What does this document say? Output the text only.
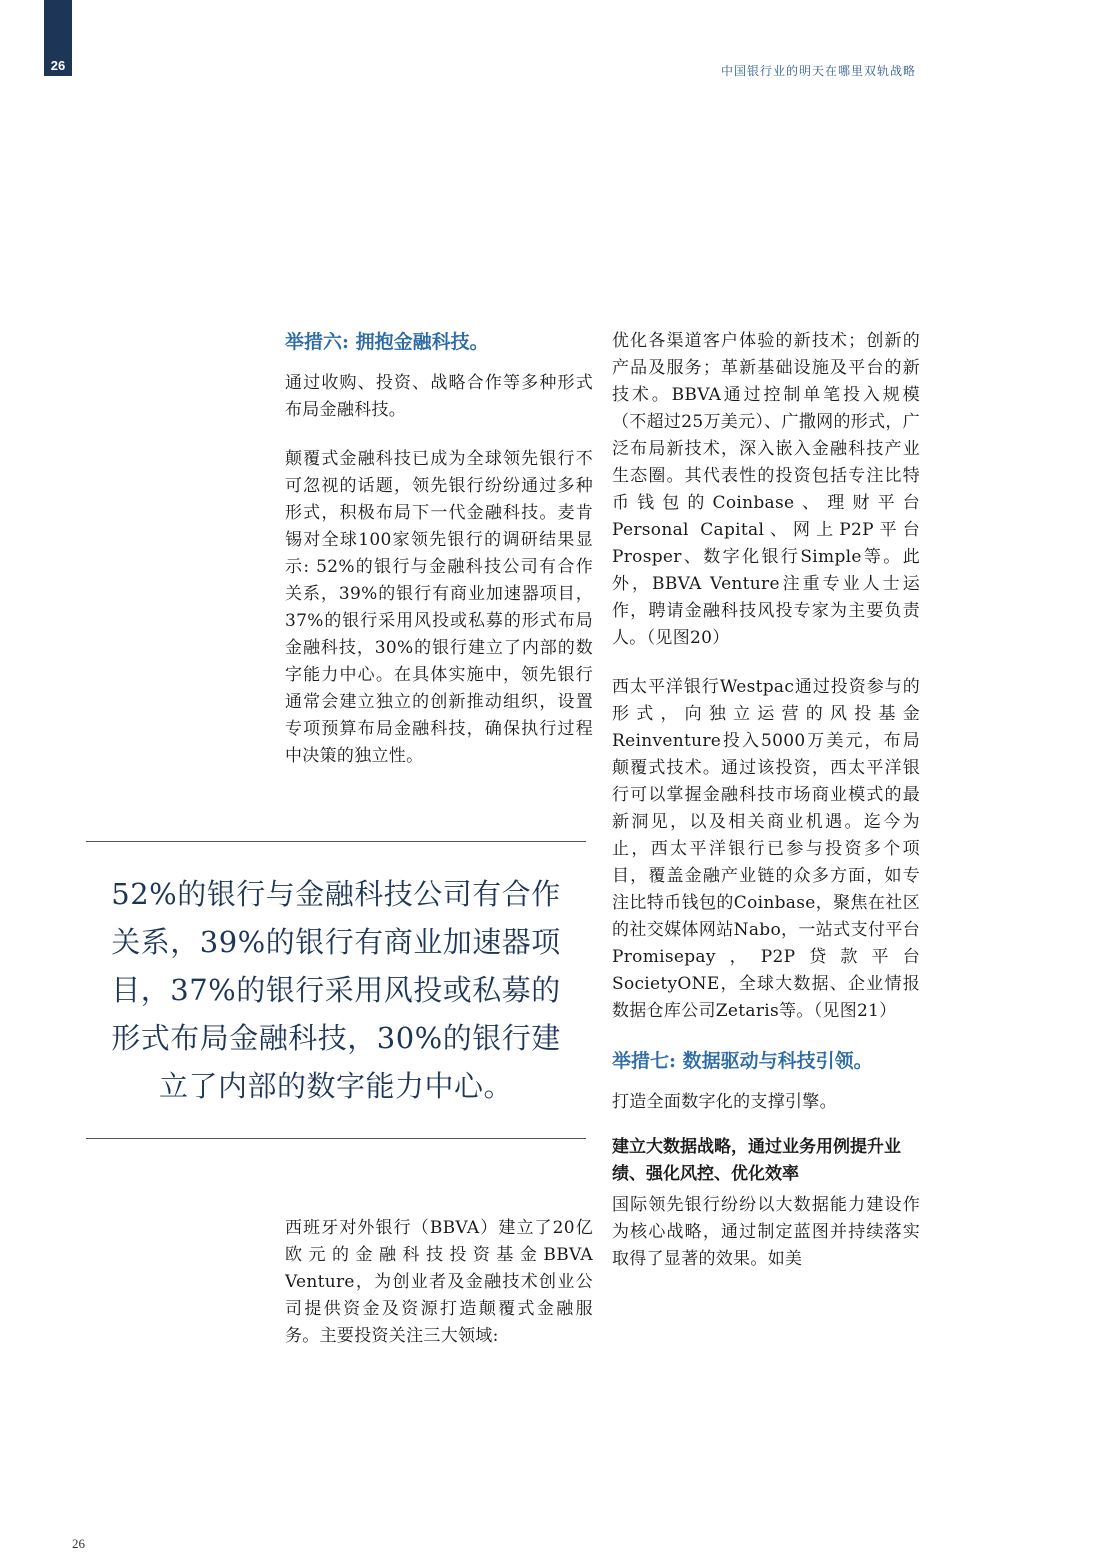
26	中国银行业的明天在哪里双轨战略
举措六: 拥抱金融科技。

通过收购、投资、战略合作等多种形式布局金融科技。

颠覆式金融科技已成为全球领先银行不可忽视的话题，领先银行纷纷通过多种形式，积极布局下一代金融科技。麦肯锡对全球100家领先银行的调研结果显示: 52%的银行与金融科技公司有合作关系，39%的银行有商业加速器项目，37%的银行采用风投或私募的形式布局金融科技，30%的银行建立了内部的数字能力中心。在具体实施中，领先银行通常会建立独立的创新推动组织，设置专项预算布局金融科技，确保执行过程中决策的独立性。

52%的银行与金融科技公司有合作关系，39%的银行有商业加速器项目，37%的银行采用风投或私募的形式布局金融科技，30%的银行建立了内部的数字能力中心。

西班牙对外银行（BBVA）建立了20亿欧元的金融科技投资基金BBVA Venture，为创业者及金融技术创业公司提供资金及资源打造颠覆式金融服务。主要投资关注三大领域:

优化各渠道客户体验的新技术；创新的产品及服务；革新基础设施及平台的新技术。BBVA通过控制单笔投入规模（不超过25万美元）、广撒网的形式，广泛布局新技术，深入嵌入金融科技产业生态圈。其代表性的投资包括专注比特币钱包的Coinbase、理财平台Personal Capital、网上P2P平台Prosper、数字化银行Simple等。此外，BBVA Venture注重专业人士运作，聘请金融科技风投专家为主要负责人。（见图20）

西太平洋银行Westpac通过投资参与的形式，向独立运营的风投基金Reinventure投入5000万美元，布局颠覆式技术。通过该投资，西太平洋银行可以掌握金融科技市场商业模式的最新洞见，以及相关商业机遇。迄今为止，西太平洋银行已参与投资多个项目，覆盖金融产业链的众多方面，如专注比特币钱包的Coinbase，聚焦在社区的社交媒体网站Nabo，一站式支付平台Promisepay，P2P贷款平台SocietyONE，全球大数据、企业情报数据仓库公司Zetaris等。（见图21）

举措七: 数据驱动与科技引领。

打造全面数字化的支撑引擎。

建立大数据战略，通过业务用例提升业绩、强化风控、优化效率

国际领先银行纷纷以大数据能力建设作为核心战略，通过制定蓝图并持续落实取得了显著的效果。如美

26
